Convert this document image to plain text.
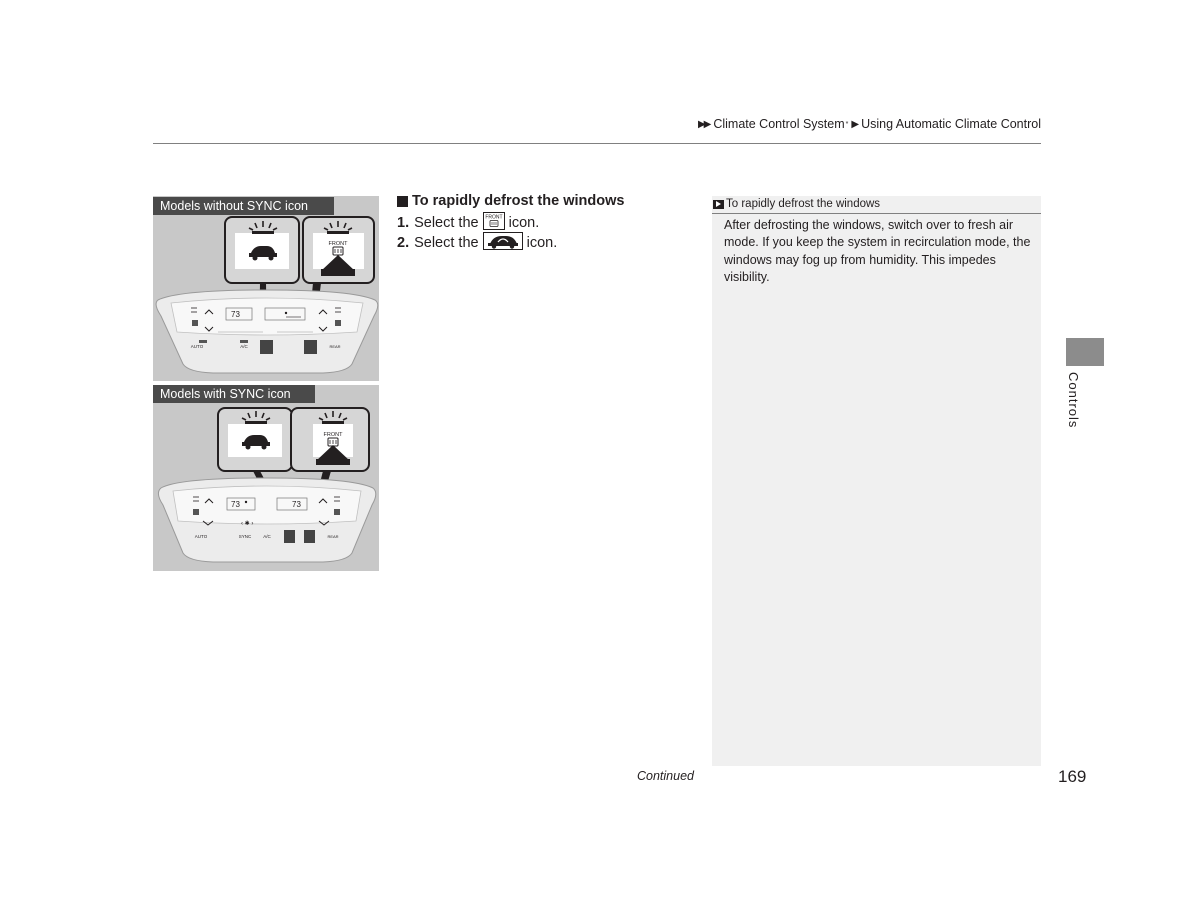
▶▶ Climate Control System * ▶ Using Automatic Climate Control
FRONT
73
AUTO	A/C	REAR
Models without SYNC icon
FRONT
73	73
‹ ✱ ›
AUTO	SYNC	A/C	REAR
Models with SYNC icon
To rapidly defrost the windows
1. Select the FRONT icon.
2. Select the	icon.
To rapidly defrost the windows
After defrosting the windows, switch over to fresh air mode. If you keep the system in recirculation mode, the windows may fog up from humidity. This impedes visibility.
Controls
Continued	169
